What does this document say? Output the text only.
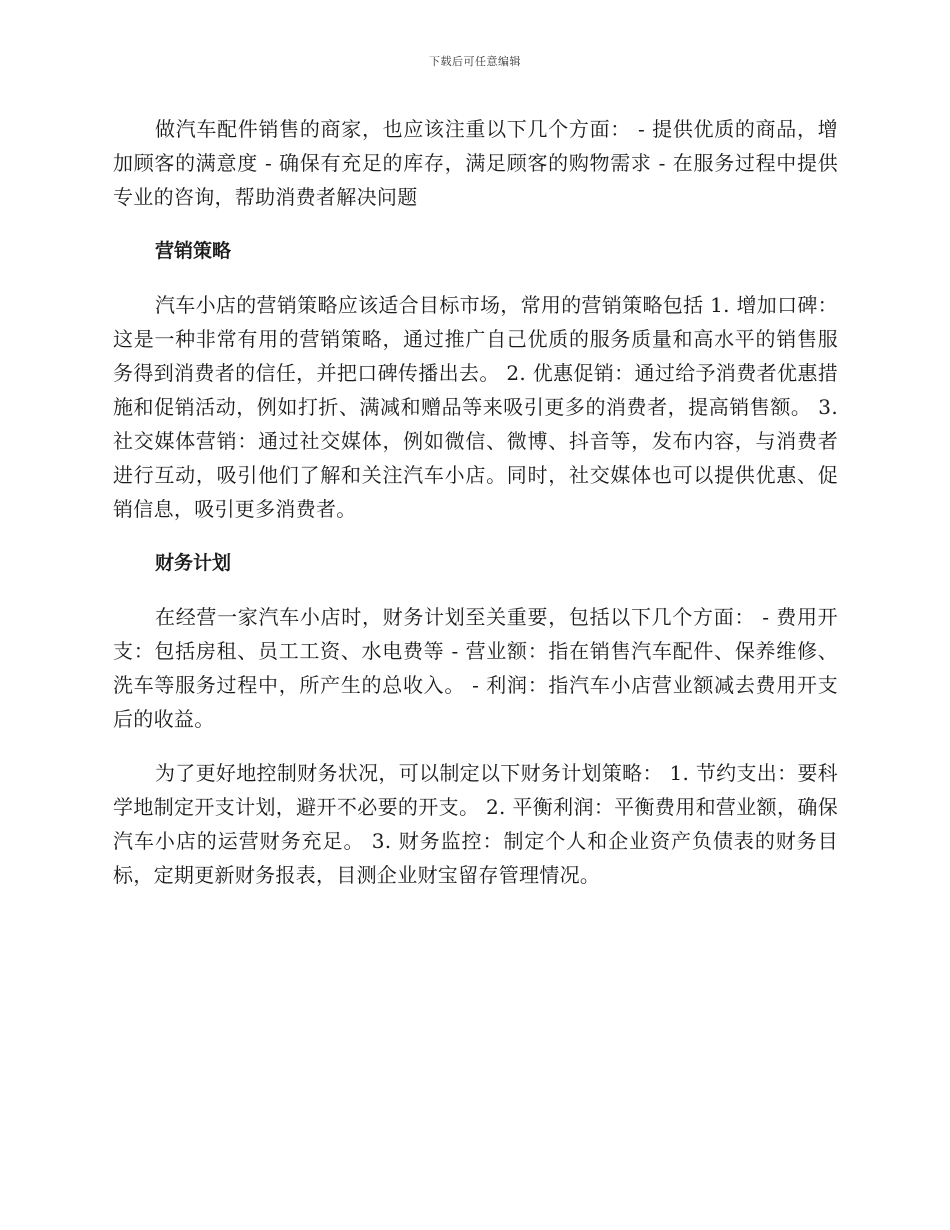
下载后可任意编辑

做汽车配件销售的商家，也应该注重以下几个方面： - 提供优质的商品，增加顾客的满意度 - 确保有充足的库存，满足顾客的购物需求 - 在服务过程中提供专业的咨询，帮助消费者解决问题

营销策略

汽车小店的营销策略应该适合目标市场，常用的营销策略包括 1. 增加口碑：这是一种非常有用的营销策略，通过推广自己优质的服务质量和高水平的销售服务得到消费者的信任，并把口碑传播出去。 2. 优惠促销：通过给予消费者优惠措施和促销活动，例如打折、满减和赠品等来吸引更多的消费者，提高销售额。 3. 社交媒体营销：通过社交媒体，例如微信、微博、抖音等，发布内容，与消费者进行互动，吸引他们了解和关注汽车小店。同时，社交媒体也可以提供优惠、促销信息，吸引更多消费者。

财务计划

在经营一家汽车小店时，财务计划至关重要，包括以下几个方面： - 费用开支：包括房租、员工工资、水电费等 - 营业额：指在销售汽车配件、保养维修、洗车等服务过程中，所产生的总收入。 - 利润：指汽车小店营业额减去费用开支后的收益。

为了更好地控制财务状况，可以制定以下财务计划策略： 1. 节约支出：要科学地制定开支计划，避开不必要的开支。 2. 平衡利润：平衡费用和营业额，确保汽车小店的运营财务充足。 3. 财务监控：制定个人和企业资产负债表的财务目标，定期更新财务报表，目测企业财宝留存管理情况。
